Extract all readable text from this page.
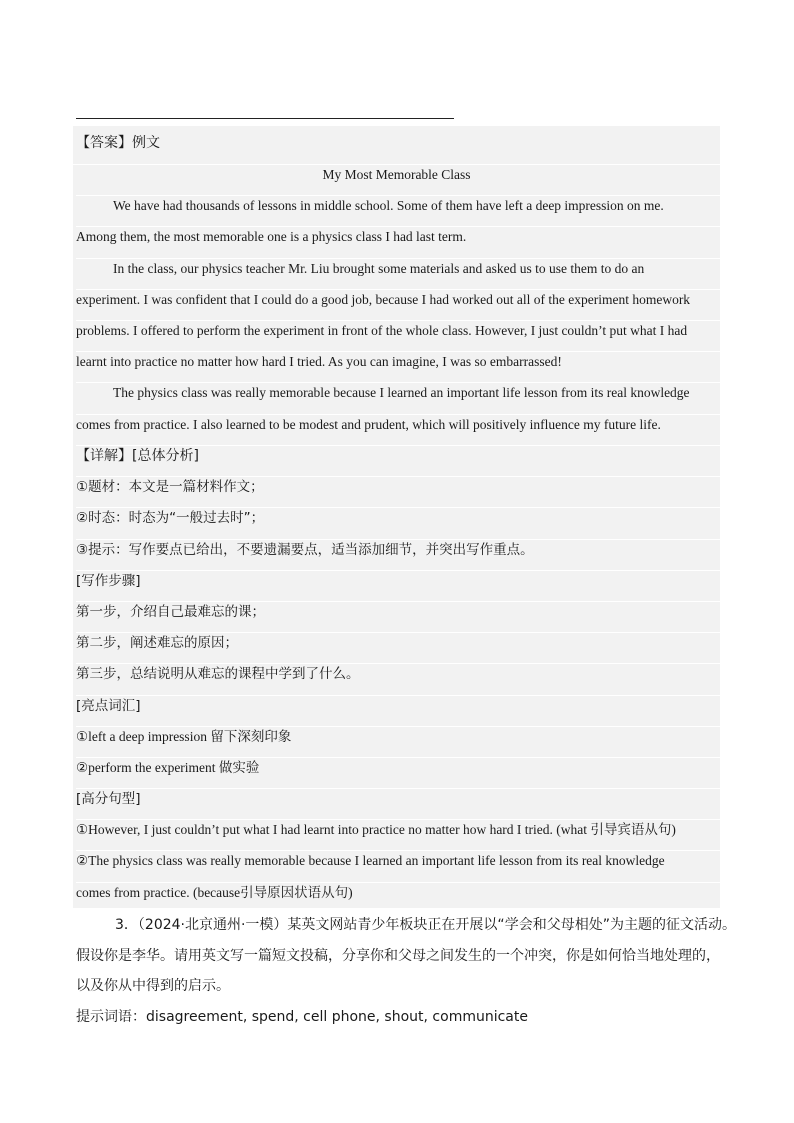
【答案】例文
My Most Memorable Class
We have had thousands of lessons in middle school. Some of them have left a deep impression on me.
Among them, the most memorable one is a physics class I had last term.
In the class, our physics teacher Mr. Liu brought some materials and asked us to use them to do an
experiment. I was confident that I could do a good job, because I had worked out all of the experiment homework
problems. I offered to perform the experiment in front of the whole class. However, I just couldn’t put what I had
learnt into practice no matter how hard I tried. As you can imagine, I was so embarrassed!
The physics class was really memorable because I learned an important life lesson from its real knowledge
comes from practice. I also learned to be modest and prudent, which will positively influence my future life.
【详解】[总体分析]
①题材：本文是一篇材料作文；
②时态：时态为“一般过去时”；
③提示：写作要点已给出，不要遗漏要点，适当添加细节，并突出写作重点。
[写作步骤]
第一步，介绍自己最难忘的课；
第二步，阐述难忘的原因；
第三步，总结说明从难忘的课程中学到了什么。
[亮点词汇]
①left a deep impression 留下深刻印象
②perform the experiment 做实验
[高分句型]
①However, I just couldn’t put what I had learnt into practice no matter how hard I tried. (what 引导宾语从句)
②The physics class was really memorable because I learned an important life lesson from its real knowledge
comes from practice. (because引导原因状语从句)
3．（2024·北京通州·一模）某英文网站青少年板块正在开展以“学会和父母相处”为主题的征文活动。
假设你是李华。请用英文写一篇短文投稿，分享你和父母之间发生的一个冲突，你是如何恰当地处理的，
以及你从中得到的启示。
提示词语：disagreement, spend, cell phone, shout, communicate
